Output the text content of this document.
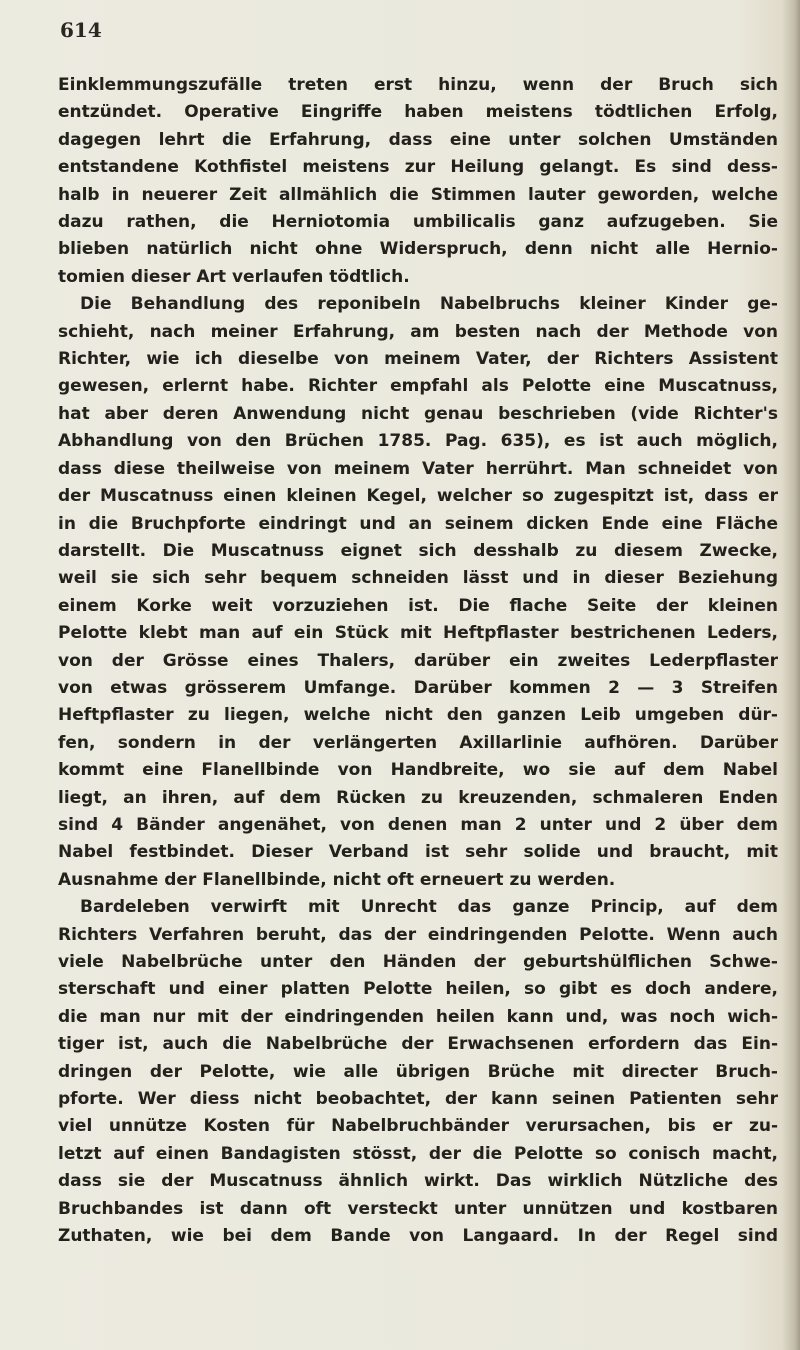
614
Einklemmungszufälle treten erst hinzu, wenn der Bruch sich
entzündet. Operative Eingriffe haben meistens tödtlichen Erfolg,
dagegen lehrt die Erfahrung, dass eine unter solchen Umständen
entstandene Kothfistel meistens zur Heilung gelangt. Es sind dess-
halb in neuerer Zeit allmählich die Stimmen lauter geworden, welche
dazu rathen, die Herniotomia umbilicalis ganz aufzugeben. Sie
blieben natürlich nicht ohne Widerspruch, denn nicht alle Hernio-
tomien dieser Art verlaufen tödtlich.
Die Behandlung des reponibeln Nabelbruchs kleiner Kinder ge-
schieht, nach meiner Erfahrung, am besten nach der Methode von
Richter, wie ich dieselbe von meinem Vater, der Richters Assistent
gewesen, erlernt habe. Richter empfahl als Pelotte eine Muscatnuss,
hat aber deren Anwendung nicht genau beschrieben (vide Richter's
Abhandlung von den Brüchen 1785. Pag. 635), es ist auch möglich,
dass diese theilweise von meinem Vater herrührt. Man schneidet von
der Muscatnuss einen kleinen Kegel, welcher so zugespitzt ist, dass er
in die Bruchpforte eindringt und an seinem dicken Ende eine Fläche
darstellt. Die Muscatnuss eignet sich desshalb zu diesem Zwecke,
weil sie sich sehr bequem schneiden lässt und in dieser Beziehung
einem Korke weit vorzuziehen ist. Die flache Seite der kleinen
Pelotte klebt man auf ein Stück mit Heftpflaster bestrichenen Leders,
von der Grösse eines Thalers, darüber ein zweites Lederpflaster
von etwas grösserem Umfange. Darüber kommen 2 — 3 Streifen
Heftpflaster zu liegen, welche nicht den ganzen Leib umgeben dür-
fen, sondern in der verlängerten Axillarlinie aufhören. Darüber
kommt eine Flanellbinde von Handbreite, wo sie auf dem Nabel
liegt, an ihren, auf dem Rücken zu kreuzenden, schmaleren Enden
sind 4 Bänder angenähet, von denen man 2 unter und 2 über dem
Nabel festbindet. Dieser Verband ist sehr solide und braucht, mit
Ausnahme der Flanellbinde, nicht oft erneuert zu werden.
Bardeleben verwirft mit Unrecht das ganze Princip, auf dem
Richters Verfahren beruht, das der eindringenden Pelotte. Wenn auch
viele Nabelbrüche unter den Händen der geburtshülflichen Schwe-
sterschaft und einer platten Pelotte heilen, so gibt es doch andere,
die man nur mit der eindringenden heilen kann und, was noch wich-
tiger ist, auch die Nabelbrüche der Erwachsenen erfordern das Ein-
dringen der Pelotte, wie alle übrigen Brüche mit directer Bruch-
pforte. Wer diess nicht beobachtet, der kann seinen Patienten sehr
viel unnütze Kosten für Nabelbruchbänder verursachen, bis er zu-
letzt auf einen Bandagisten stösst, der die Pelotte so conisch macht,
dass sie der Muscatnuss ähnlich wirkt. Das wirklich Nützliche des
Bruchbandes ist dann oft versteckt unter unnützen und kostbaren
Zuthaten, wie bei dem Bande von Langaard. In der Regel sind
